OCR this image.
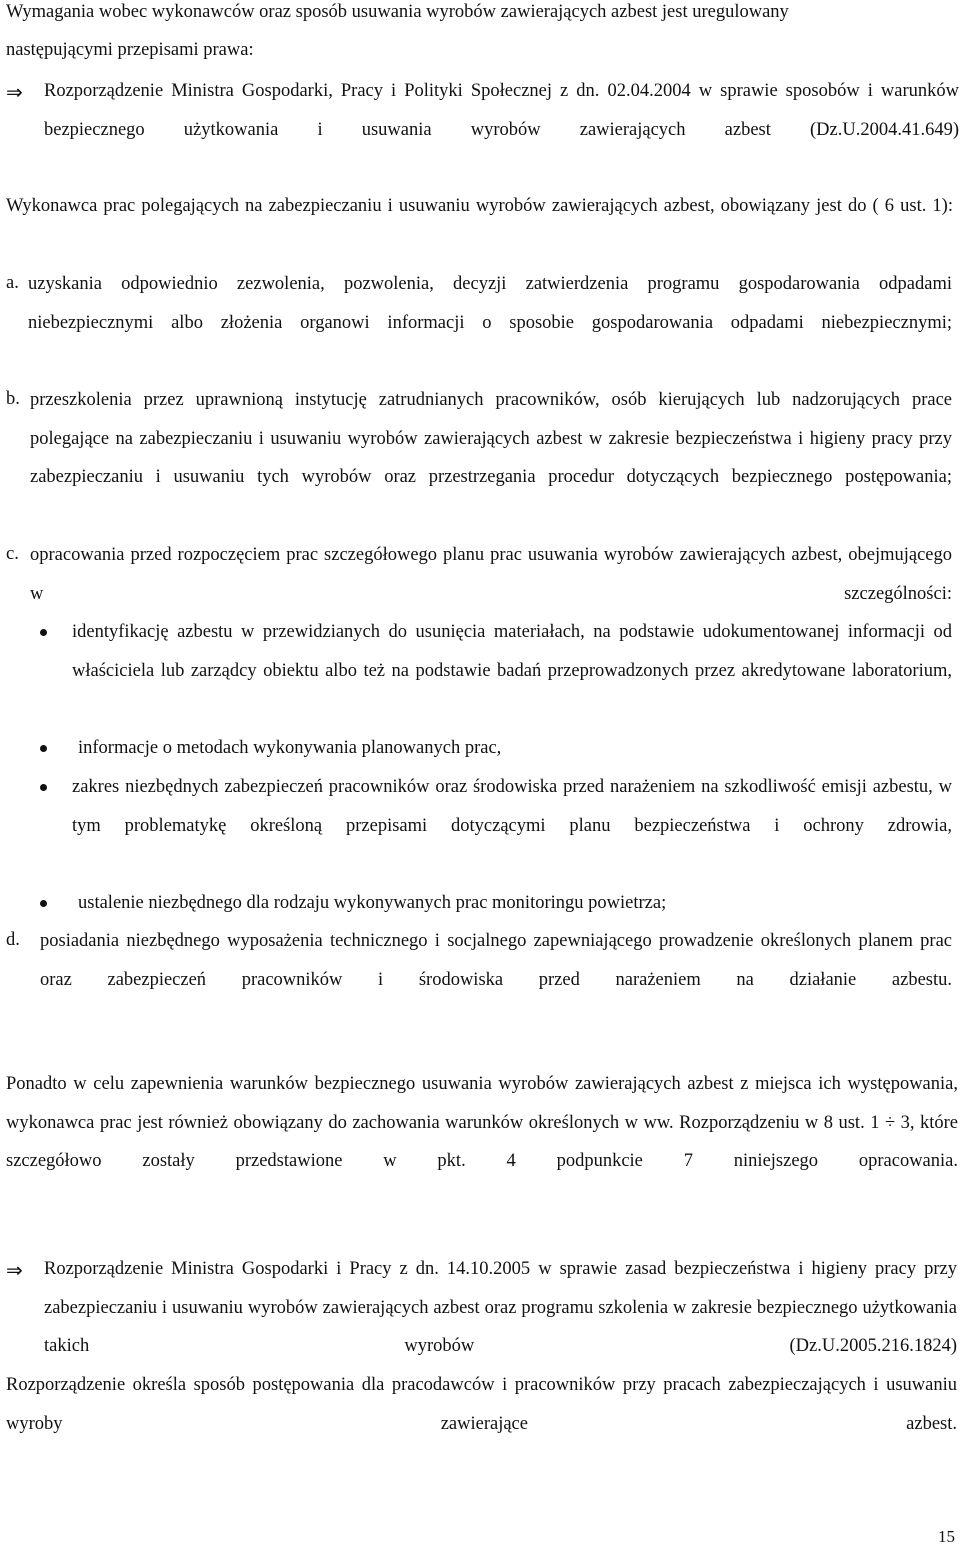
Wymagania wobec wykonawców oraz sposób usuwania wyrobów zawierających azbest jest uregulowany
następującymi przepisami prawa:
⇒ Rozporządzenie Ministra Gospodarki, Pracy i Polityki Społecznej z dn. 02.04.2004 w sprawie sposobów i warunków bezpiecznego użytkowania i usuwania wyrobów zawierających azbest (Dz.U.2004.41.649)

Wykonawca prac polegających na zabezpieczaniu i usuwaniu wyrobów zawierających azbest, obowiązany jest do ( 6 ust. 1):

a. uzyskania odpowiednio zezwolenia, pozwolenia, decyzji zatwierdzenia programu gospodarowania odpadami niebezpiecznymi albo złożenia organowi informacji o sposobie gospodarowania odpadami niebezpiecznymi;

b. przeszkolenia przez uprawnioną instytucję zatrudnianych pracowników, osób kierujących lub nadzorujących prace polegające na zabezpieczaniu i usuwaniu wyrobów zawierających azbest w zakresie bezpieczeństwa i higieny pracy przy zabezpieczaniu i usuwaniu tych wyrobów oraz przestrzegania procedur dotyczących bezpiecznego postępowania;

c. opracowania przed rozpoczęciem prac szczegółowego planu prac usuwania wyrobów zawierających azbest, obejmującego w szczególności:

identyfikację azbestu w przewidzianych do usunięcia materiałach, na podstawie udokumentowanej informacji od właściciela lub zarządcy obiektu albo też na podstawie badań przeprowadzonych przez akredytowane laboratorium,

informacje o metodach wykonywania planowanych prac,

zakres niezbędnych zabezpieczeń pracowników oraz środowiska przed narażeniem na szkodliwość emisji azbestu, w tym problematykę określoną przepisami dotyczącymi planu bezpieczeństwa i ochrony zdrowia,

ustalenie niezbędnego dla rodzaju wykonywanych prac monitoringu powietrza;

d. posiadania niezbędnego wyposażenia technicznego i socjalnego zapewniającego prowadzenie określonych planem prac oraz zabezpieczeń pracowników i środowiska przed narażeniem na działanie azbestu.

Ponadto w celu zapewnienia warunków bezpiecznego usuwania wyrobów zawierających azbest z miejsca ich występowania, wykonawca prac jest również obowiązany do zachowania warunków określonych w ww. Rozporządzeniu w 8 ust. 1 ÷ 3, które szczegółowo zostały przedstawione w pkt. 4 podpunkcie 7 niniejszego opracowania.

⇒ Rozporządzenie Ministra Gospodarki i Pracy z dn. 14.10.2005 w sprawie zasad bezpieczeństwa i higieny pracy przy zabezpieczaniu i usuwaniu wyrobów zawierających azbest oraz programu szkolenia w zakresie bezpiecznego użytkowania takich wyrobów (Dz.U.2005.216.1824)

Rozporządzenie określa sposób postępowania dla pracodawców i pracowników przy pracach zabezpieczających i usuwaniu wyroby zawierające azbest.

15
